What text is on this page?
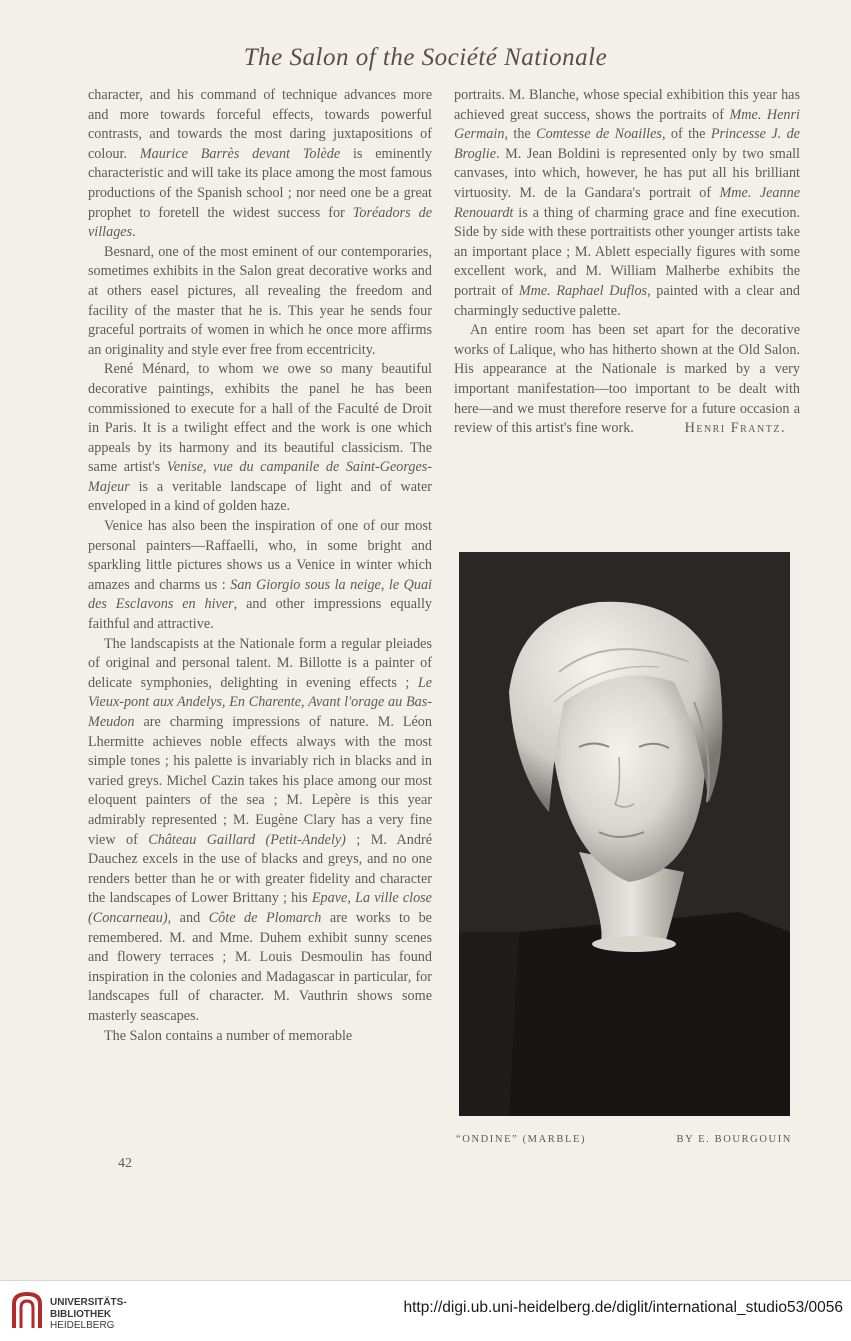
The Salon of the Société Nationale

character, and his command of technique advances more and more towards forceful effects, towards powerful contrasts, and towards the most daring juxtapositions of colour. Maurice Barrès devant Tolède is eminently characteristic and will take its place among the most famous productions of the Spanish school ; nor need one be a great prophet to foretell the widest success for Toréadors de villages.

Besnard, one of the most eminent of our contemporaries, sometimes exhibits in the Salon great decorative works and at others easel pictures, all revealing the freedom and facility of the master that he is. This year he sends four graceful portraits of women in which he once more affirms an originality and style ever free from eccentricity.

René Ménard, to whom we owe so many beautiful decorative paintings, exhibits the panel he has been commissioned to execute for a hall of the Faculté de Droit in Paris. It is a twilight effect and the work is one which appeals by its harmony and its beautiful classicism. The same artist's Venise, vue du campanile de Saint-Georges-Majeur is a veritable landscape of light and of water enveloped in a kind of golden haze.

Venice has also been the inspiration of one of our most personal painters—Raffaelli, who, in some bright and sparkling little pictures shows us a Venice in winter which amazes and charms us : San Giorgio sous la neige, le Quai des Esclavons en hiver, and other impressions equally faithful and attractive.

The landscapists at the Nationale form a regular pleiades of original and personal talent. M. Billotte is a painter of delicate symphonies, delighting in evening effects ; Le Vieux-pont aux Andelys, En Charente, Avant l'orage au Bas-Meudon are charming impressions of nature. M. Léon Lhermitte achieves noble effects always with the most simple tones ; his palette is invariably rich in blacks and in varied greys. Michel Cazin takes his place among our most eloquent painters of the sea ; M. Lepère is this year admirably represented ; M. Eugène Clary has a very fine view of Château Gaillard (Petit-Andely) ; M. André Dauchez excels in the use of blacks and greys, and no one renders better than he or with greater fidelity and character the landscapes of Lower Brittany ; his Epave, La ville close (Concarneau), and Côte de Plomarch are works to be remembered. M. and Mme. Duhem exhibit sunny scenes and flowery terraces ; M. Louis Desmoulin has found inspiration in the colonies and Madagascar in particular, for landscapes full of character. M. Vauthrin shows some masterly seascapes.

The Salon contains a number of memorable

portraits. M. Blanche, whose special exhibition this year has achieved great success, shows the portraits of Mme. Henri Germain, the Comtesse de Noailles, of the Princesse J. de Broglie. M. Jean Boldini is represented only by two small canvases, into which, however, he has put all his brilliant virtuosity. M. de la Gandara's portrait of Mme. Jeanne Renouardt is a thing of charming grace and fine execution. Side by side with these portraitists other younger artists take an important place ; M. Ablett especially figures with some excellent work, and M. William Malherbe exhibits the portrait of Mme. Raphael Duflos, painted with a clear and charmingly seductive palette.

An entire room has been set apart for the decorative works of Lalique, who has hitherto shown at the Old Salon. His appearance at the Nationale is marked by a very important manifestation—too important to be dealt with here—and we must therefore reserve for a future occasion a review of this artist's fine work.	Henri Frantz.

“ONDINE” (MARBLE)	BY E. BOURGOUIN
42
UNIVERSITÄTS-
BIBLIOTHEK
HEIDELBERG
http://digi.ub.uni-heidelberg.de/diglit/international_studio53/0056
